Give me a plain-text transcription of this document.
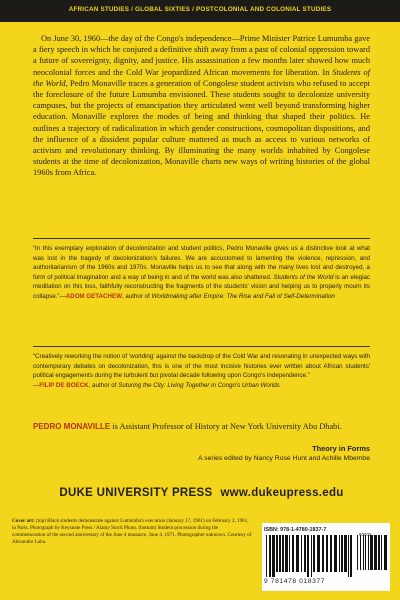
AFRICAN STUDIES / GLOBAL SIXTIES / POSTCOLONIAL AND COLONIAL STUDIES

On June 30, 1960—the day of the Congo's independence—Prime Minister Patrice Lumumba gave a fiery speech in which he conjured a definitive shift away from a past of colonial oppression toward a future of sovereignty, dignity, and justice. His assassination a few months later showed how much neocolonial forces and the Cold War jeopardized African movements for liberation. In Students of the World, Pedro Monaville traces a generation of Congolese student activists who refused to accept the foreclosure of the future Lumumba envisioned. These students sought to decolonize university campuses, but the projects of emancipation they articulated went well beyond transforming higher education. Monaville explores the modes of being and thinking that shaped their politics. He outlines a trajectory of radicalization in which gender constructions, cosmopolitan dispositions, and the influence of a dissident popular culture mattered as much as access to various networks of activism and revolutionary thinking. By illuminating the many worlds inhabited by Congolese students at the time of decolonization, Monaville charts new ways of writing histories of the global 1960s from Africa.

“In this exemplary exploration of decolonization and student politics, Pedro Monaville gives us a distinctive look at what was lost in the tragedy of decolonization's failures. We are accustomed to lamenting the violence, repression, and authoritarianism of the 1960s and 1970s. Monaville helps us to see that along with the many lives lost and destroyed, a form of political imagination and a way of being in and of the world was also shattered. Students of the World is an elegiac meditation on this loss, faithfully reconstructing the fragments of the students' vision and helping us to properly mourn its collapse.”—ADOM GETACHEW, author of Worldmaking after Empire: The Rise and Fall of Self-Determination

“Creatively reworking the notion of ‘worlding’ against the backdrop of the Cold War and resonating in unexpected ways with contemporary debates on decolonization, this is one of the most incisive histories ever written about African students' political engagements during the turbulent but pivotal decade following upon Congo's independence.”
—FILIP DE BOECK, author of Suturing the City: Living Together in Congo's Urban Worlds

PEDRO MONAVILLE is Assistant Professor of History at New York University Abu Dhabi.

Theory in Forms
A series edited by Nancy Rose Hunt and Achille Mbembe
DUKE UNIVERSITY PRESS www.dukeupress.edu

Cover art: (top) Black students demonstrate against Lumumba's execution (January 17, 1961) on February 2, 1961, in Paris. Photograph by Keystone Press / Alamy Stock Photo. (bottom) Student procession during the commemoration of the second anniversary of the June 4 massacre, June 4, 1971. Photographer unknown. Courtesy of Alexandre Luba.

ISBN: 978-1-4780-1837-7
90000
9 781478 018377
